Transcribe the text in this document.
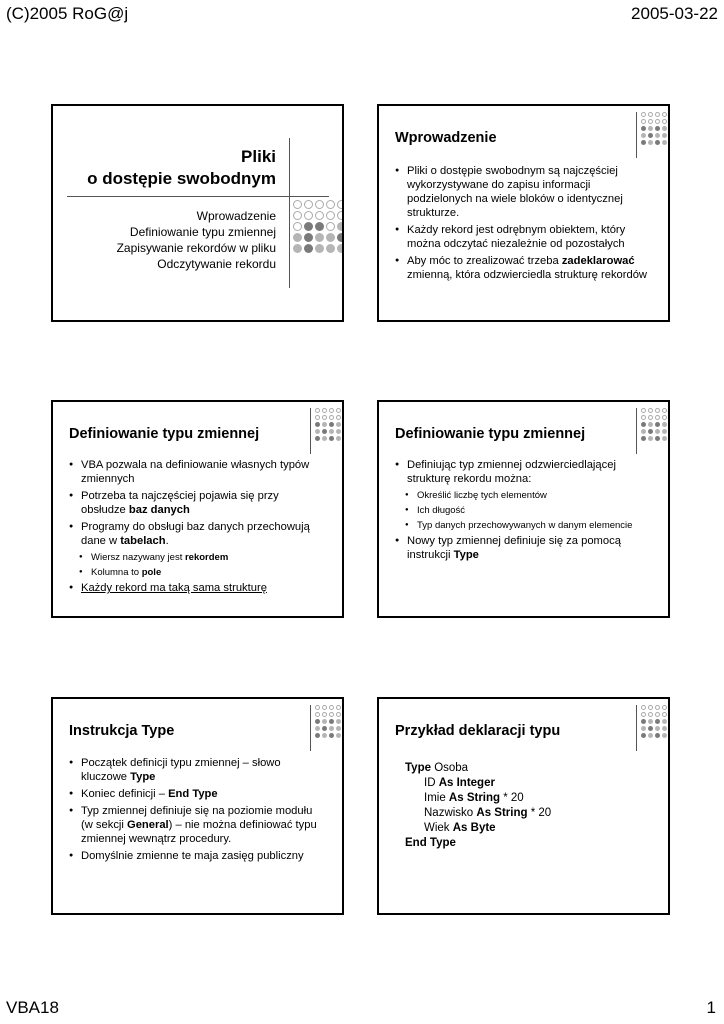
(C)2005 RoG@j	2005-03-22
Pliki
o dostępie swobodnym
Wprowadzenie
Definiowanie typu zmiennej
Zapisywanie rekordów w pliku
Odczytywanie rekordu
Wprowadzenie
● Pliki o dostępie swobodnym są najczęściej wykorzystywane do zapisu informacji podzielonych na wiele bloków o identycznej strukturze.
● Każdy rekord jest odrębnym obiektem, który można odczytać niezależnie od pozostałych
● Aby móc to zrealizować trzeba zadeklarować zmienną, która odzwierciedla strukturę rekordów
Definiowanie typu zmiennej
● VBA pozwala na definiowanie własnych typów zmiennych
● Potrzeba ta najczęściej pojawia się przy obsłudze baz danych
● Programy do obsługi baz danych przechowują dane w tabelach.
● Wiersz nazywany jest rekordem
● Kolumna to pole
● Każdy rekord ma taką sama strukturę
Definiowanie typu zmiennej
● Definiując typ zmiennej odzwierciedlającej strukturę rekordu można:
● Określić liczbę tych elementów
● Ich długość
● Typ danych przechowywanych w danym elemencie
● Nowy typ zmiennej definiuje się za pomocą instrukcji Type
Instrukcja Type
● Początek definicji typu zmiennej – słowo kluczowe Type
● Koniec definicji – End Type
● Typ zmiennej definiuje się na poziomie modułu (w sekcji General) – nie można definiować typu zmiennej wewnątrz procedury.
● Domyślnie zmienne te maja zasięg publiczny
Przykład deklaracji typu
Type Osoba
ID As Integer
Imie As String * 20
Nazwisko As String * 20
Wiek As Byte
End Type
VBA18	1
